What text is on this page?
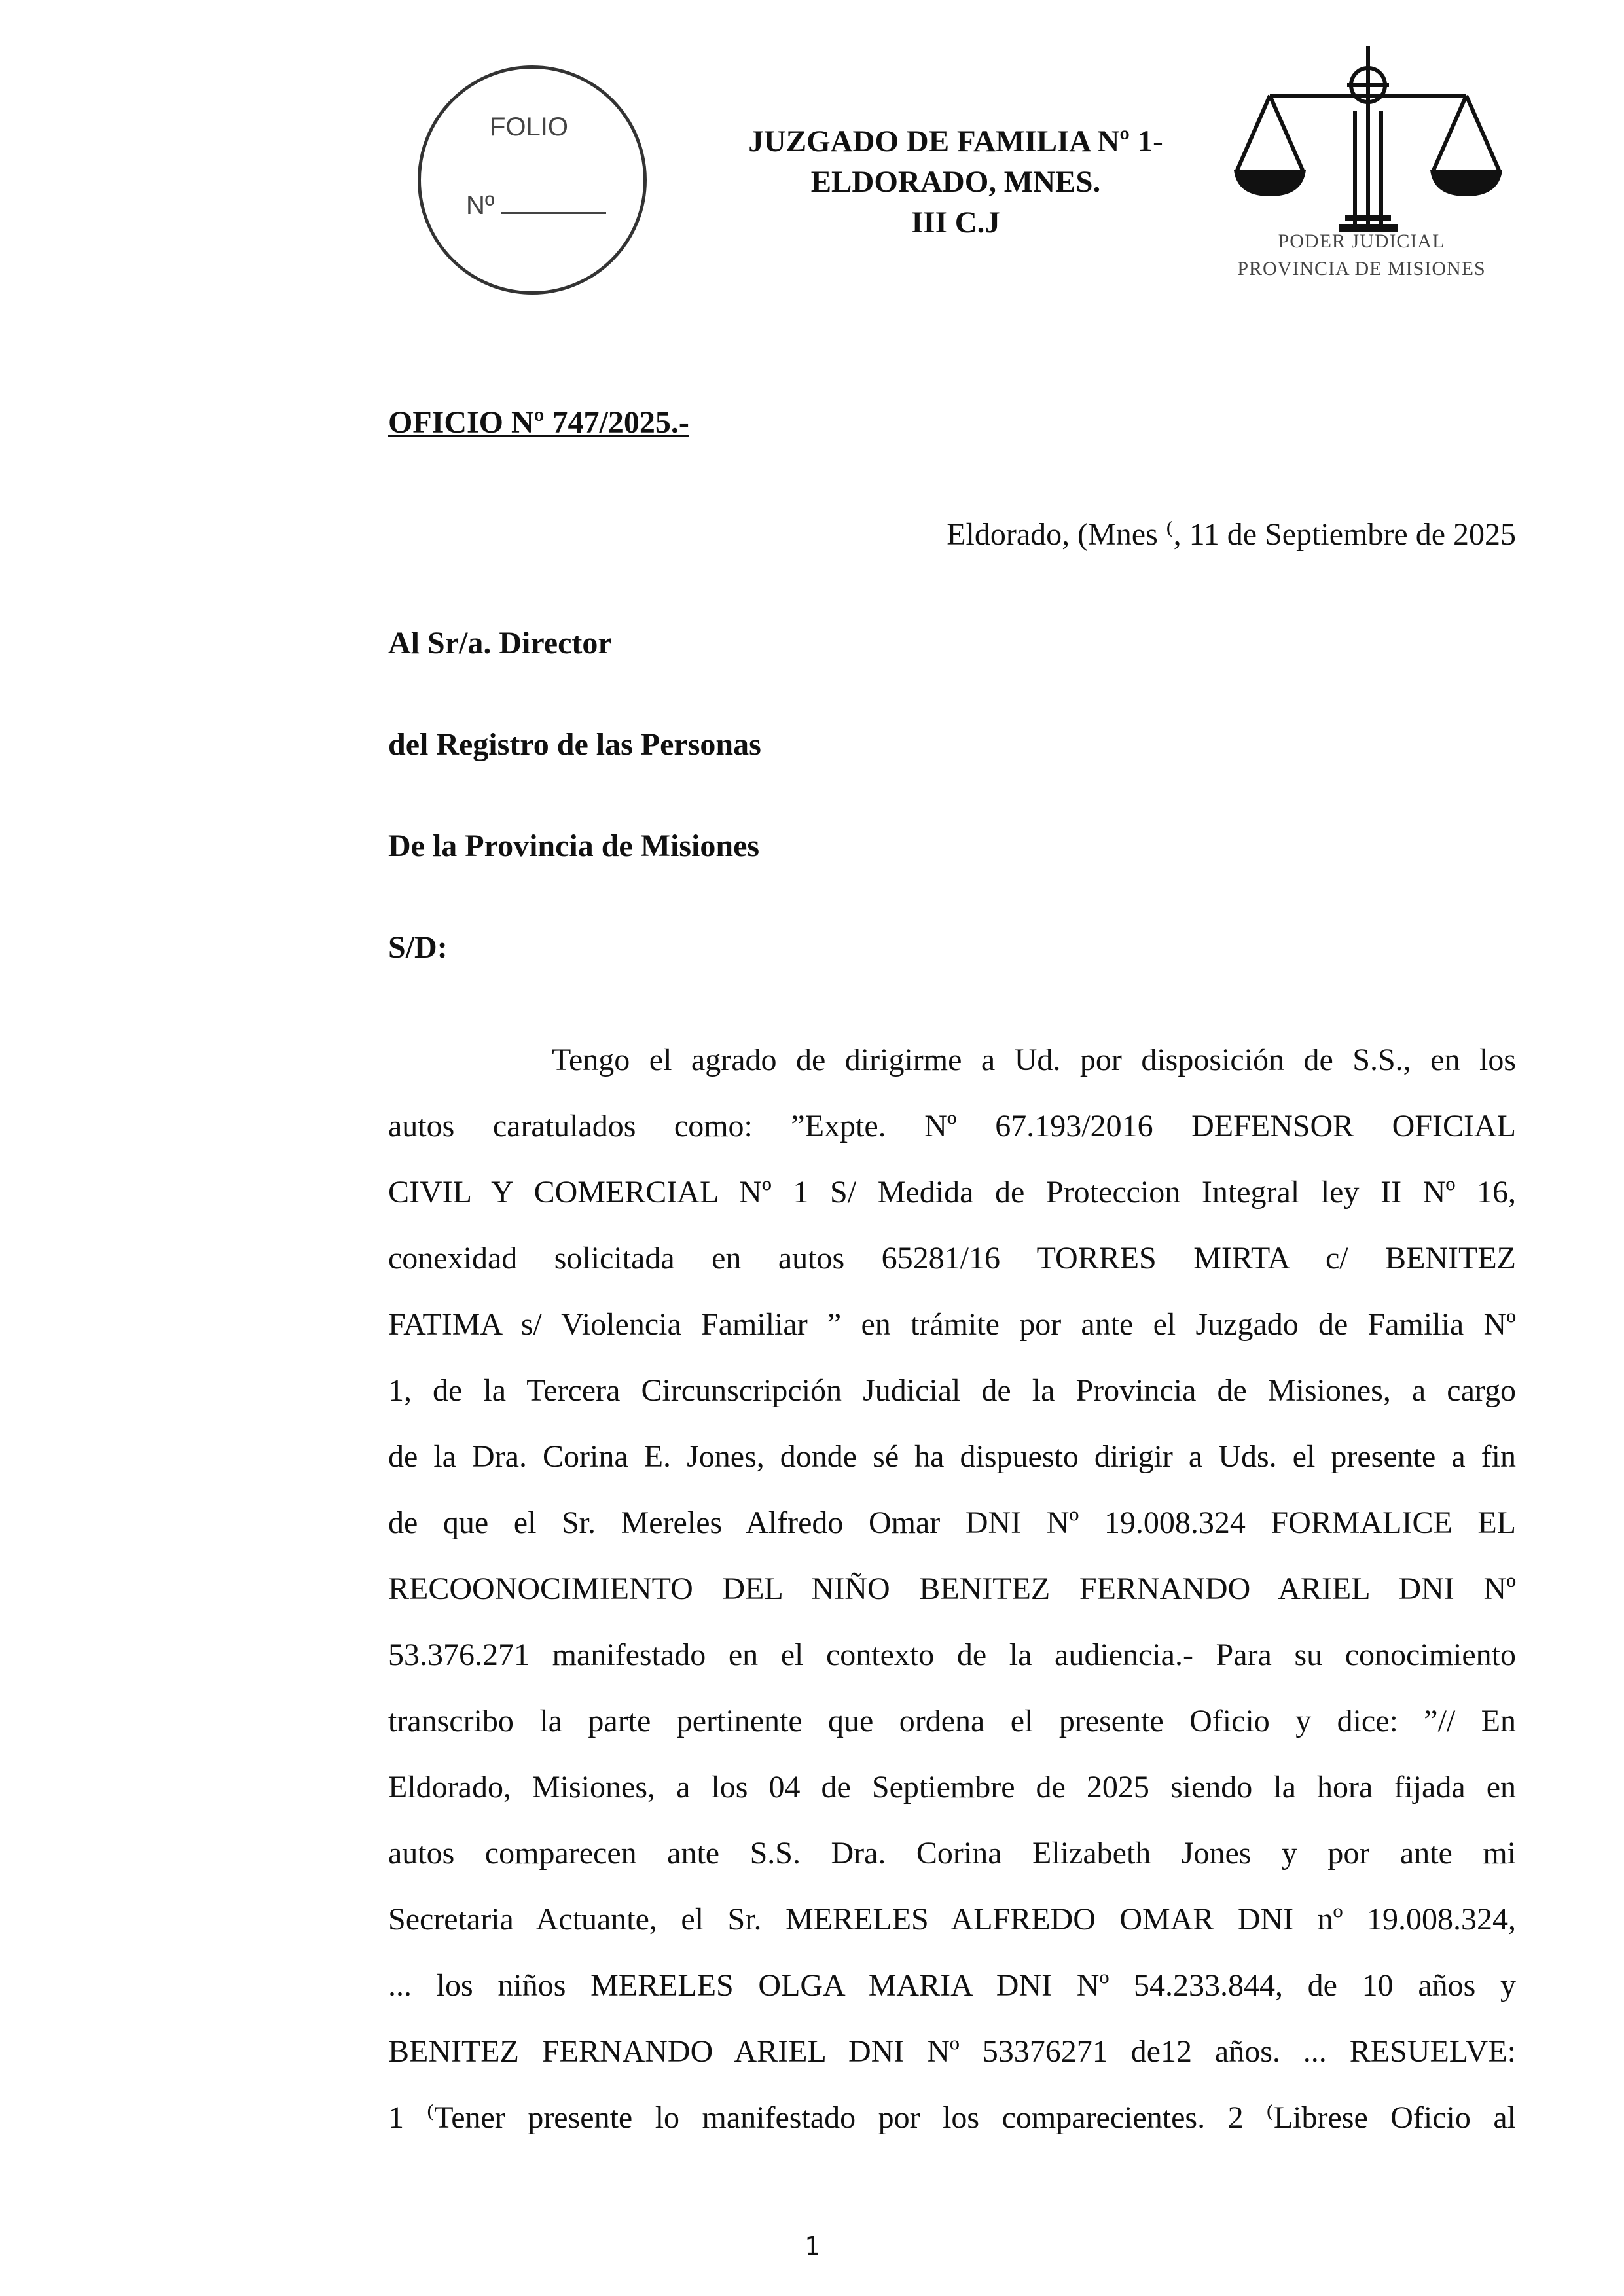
FOLIO
Nº
JUZGADO DE FAMILIA Nº 1-
ELDORADO, MNES.
III C.J
PODER JUDICIAL
PROVINCIA DE MISIONES
OFICIO Nº 747/2025.-
Eldorado, (Mnes ⁽, 11 de Septiembre de 2025
Al Sr/a. Director
del Registro de las Personas
De la Provincia de Misiones
S/D:
Tengo el agrado de dirigirme a Ud. por disposición de S.S., en los
autos caratulados como: ”Expte. Nº 67.193/2016 DEFENSOR OFICIAL
CIVIL Y COMERCIAL Nº 1 S/ Medida de Proteccion Integral ley II Nº 16,
conexidad solicitada en autos 65281/16 TORRES MIRTA c/ BENITEZ
FATIMA s/ Violencia Familiar ” en trámite por ante el Juzgado de Familia Nº
1, de la Tercera Circunscripción Judicial de la Provincia de Misiones, a cargo
de la Dra. Corina E. Jones, donde sé ha dispuesto dirigir a Uds. el presente a fin
de que el Sr. Mereles Alfredo Omar DNI Nº 19.008.324 FORMALICE EL
RECOONOCIMIENTO DEL NIÑO BENITEZ FERNANDO ARIEL DNI Nº
53.376.271 manifestado en el contexto de la audiencia.- Para su conocimiento
transcribo la parte pertinente que ordena el presente Oficio y dice: ”// En
Eldorado, Misiones, a los 04 de Septiembre de 2025 siendo la hora fijada en
autos comparecen ante S.S. Dra. Corina Elizabeth Jones y por ante mi
Secretaria Actuante, el Sr. MERELES ALFREDO OMAR DNI nº 19.008.324,
... los niños MERELES OLGA MARIA DNI Nº 54.233.844, de 10 años y
BENITEZ FERNANDO ARIEL DNI Nº 53376271 de12 años. ... RESUELVE:
1 ⁽Tener presente lo manifestado por los comparecientes. 2 ⁽Librese Oficio al
1
